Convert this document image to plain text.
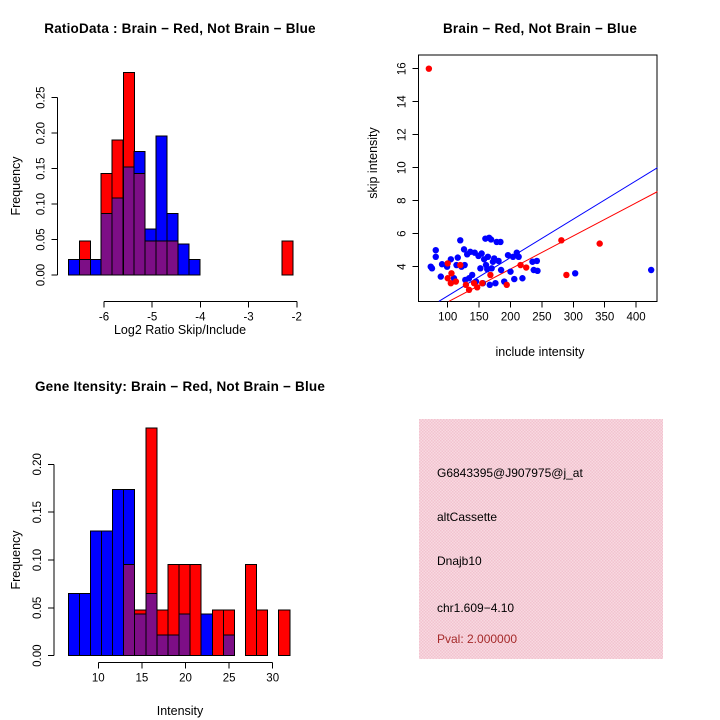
RatioData : Brain − Red, Not Brain − Blue
Frequency
Log2 Ratio Skip/Include
-6	-5	-4	-3	-2
0.00
0.05
0.10
0.15
0.20
0.25
Brain − Red, Not Brain − Blue
skip intensity
include intensity
100 150 200 250 300 350 400
4
6
8
10
12
14
16
Gene Itensity: Brain − Red, Not Brain − Blue
Frequency
Intensity
10	15	20	25	30
0.00
0.05
0.10
0.15
0.20	G6843395@J907975@j_at
altCassette
Dnajb10
chr1.609−4.10
Pval: 2.000000
